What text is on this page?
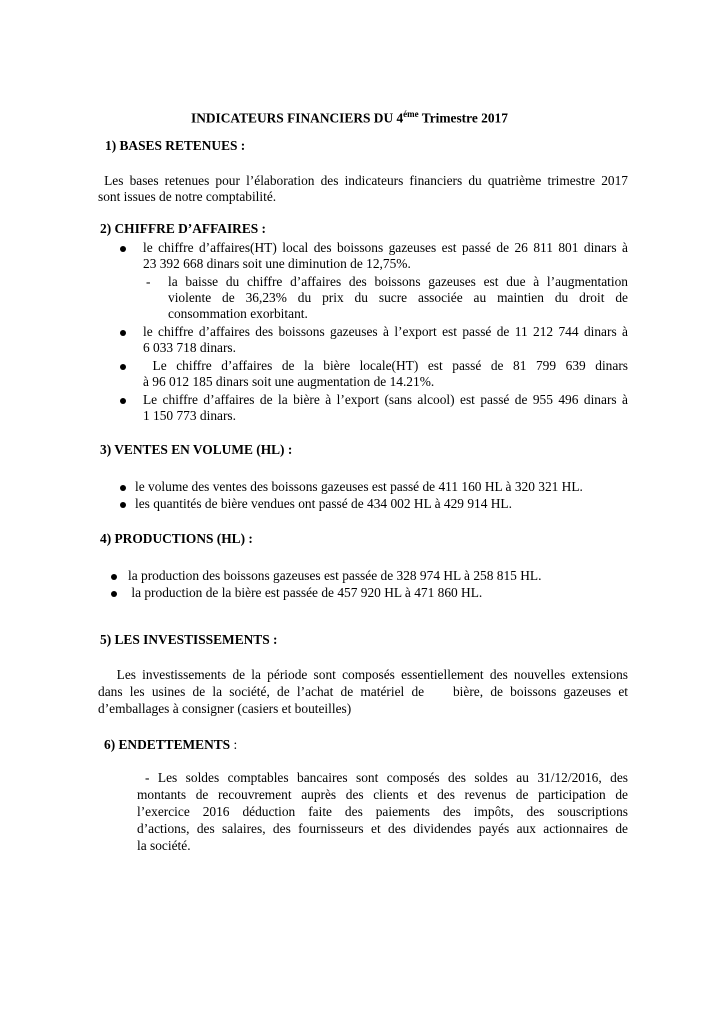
INDICATEURS FINANCIERS DU $4^{éme}$ Trimestre 2017
1) BASES RETENUES :
Les bases retenues pour l’élaboration des indicateurs financiers du quatrième trimestre 2017
sont issues de notre comptabilité.
2) CHIFFRE D’AFFAIRES :
le chiffre d’affaires(HT) local des boissons gazeuses est passé de 26 811 801 dinars à
23 392 668 dinars soit une diminution de 12,75%.
- la baisse du chiffre d’affaires des boissons gazeuses est due à l’augmentation
violente de 36,23% du prix du sucre associée au maintien du droit de
consommation exorbitant.
le chiffre d’affaires des boissons gazeuses à l’export est passé de 11 212 744 dinars à
6 033 718 dinars.
Le chiffre d’affaires de la bière locale(HT) est passé de 81 799 639 dinars
à 96 012 185 dinars soit une augmentation de 14.21%.
Le chiffre d’affaires de la bière à l’export (sans alcool) est passé de 955 496 dinars à
1 150 773 dinars.
3) VENTES EN VOLUME (HL) :
le volume des ventes des boissons gazeuses est passé de 411 160 HL à 320 321 HL.
les quantités de bière vendues ont passé de 434 002 HL à 429 914 HL.
4) PRODUCTIONS (HL) :
la production des boissons gazeuses est passée de 328 974 HL à 258 815 HL.
la production de la bière est passée de 457 920 HL à 471 860 HL.
5) LES INVESTISSEMENTS :
Les investissements de la période sont composés essentiellement des nouvelles extensions
dans les usines de la société, de l’achat de matériel de    bière, de boissons gazeuses et
d’emballages à consigner (casiers et bouteilles)
6) ENDETTEMENTS :
- Les soldes comptables bancaires sont composés des soldes au 31/12/2016, des
montants de recouvrement auprès des clients et des revenus de participation de
l’exercice 2016 déduction faite des paiements des impôts, des souscriptions
d’actions, des salaires, des fournisseurs et des dividendes payés aux actionnaires de
la société.
